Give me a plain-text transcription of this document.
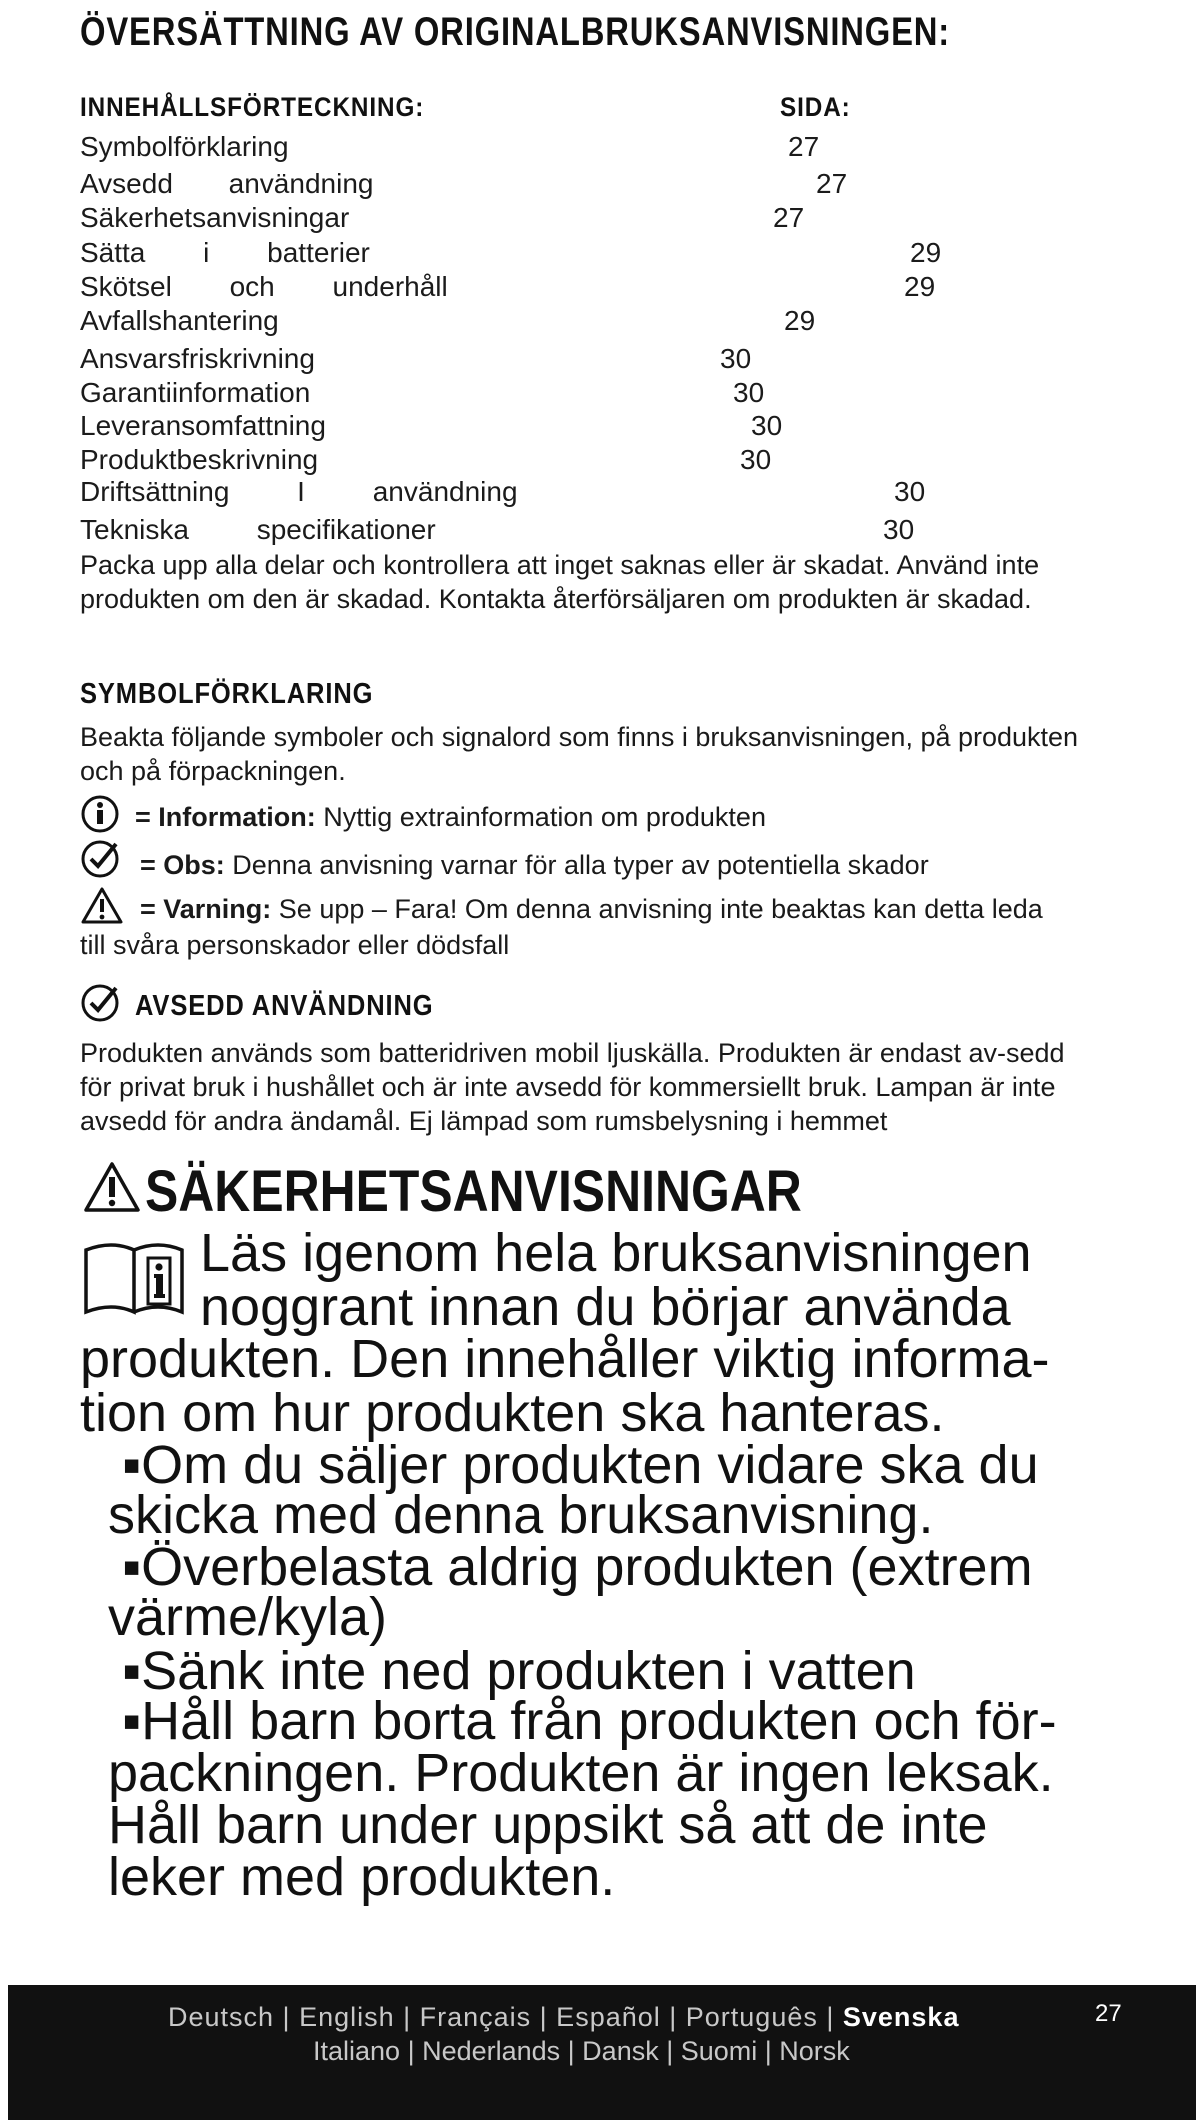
ÖVERSÄTTNING AV ORIGINALBRUKSANVISNINGEN:
INNEHÅLLSFÖRTECKNING:	SIDA:
Symbolförklaring	27
Avsedd användning	27
Säkerhetsanvisningar	27
Sätta i batterier	29
Skötsel och underhåll	29
Avfallshantering	29
Ansvarsfriskrivning	30
Garantiinformation	30
Leveransomfattning	30
Produktbeskrivning	30
Driftsättning I användning	30
Tekniska specifikationer	30
Packa upp alla delar och kontrollera att inget saknas eller är skadat. Använd inte produkten om den är skadad. Kontakta återförsäljaren om produkten är skadad.
SYMBOLFÖRKLARING
Beakta följande symboler och signalord som finns i bruksanvisningen, på produkten och på förpackningen.
= Information: Nyttig extrainformation om produkten
= Obs: Denna anvisning varnar för alla typer av potentiella skador
= Varning: Se upp – Fara! Om denna anvisning inte beaktas kan detta leda
till svåra personskador eller dödsfall
AVSEDD ANVÄNDNING
Produkten används som batteridriven mobil ljuskälla. Produkten är endast av-sedd för privat bruk i hushållet och är inte avsedd för kommersiellt bruk. Lampan är inte avsedd för andra ändamål. Ej lämpad som rumsbelysning i hemmet
SÄKERHETSANVISNINGAR
Läs igenom hela bruksanvisningen
noggrant innan du börjar använda
produkten. Den innehåller viktig informa-
tion om hur produkten ska hanteras.
▪Om du säljer produkten vidare ska du
skicka med denna bruksanvisning.
▪Överbelasta aldrig produkten (extrem
värme/kyla)
▪Sänk inte ned produkten i vatten
▪Håll barn borta från produkten och för-
packningen. Produkten är ingen leksak.
Håll barn under uppsikt så att de inte
leker med produkten.
Deutsch | English | Français | Español | Português | Svenska
Italiano | Nederlands | Dansk | Suomi | Norsk
27
